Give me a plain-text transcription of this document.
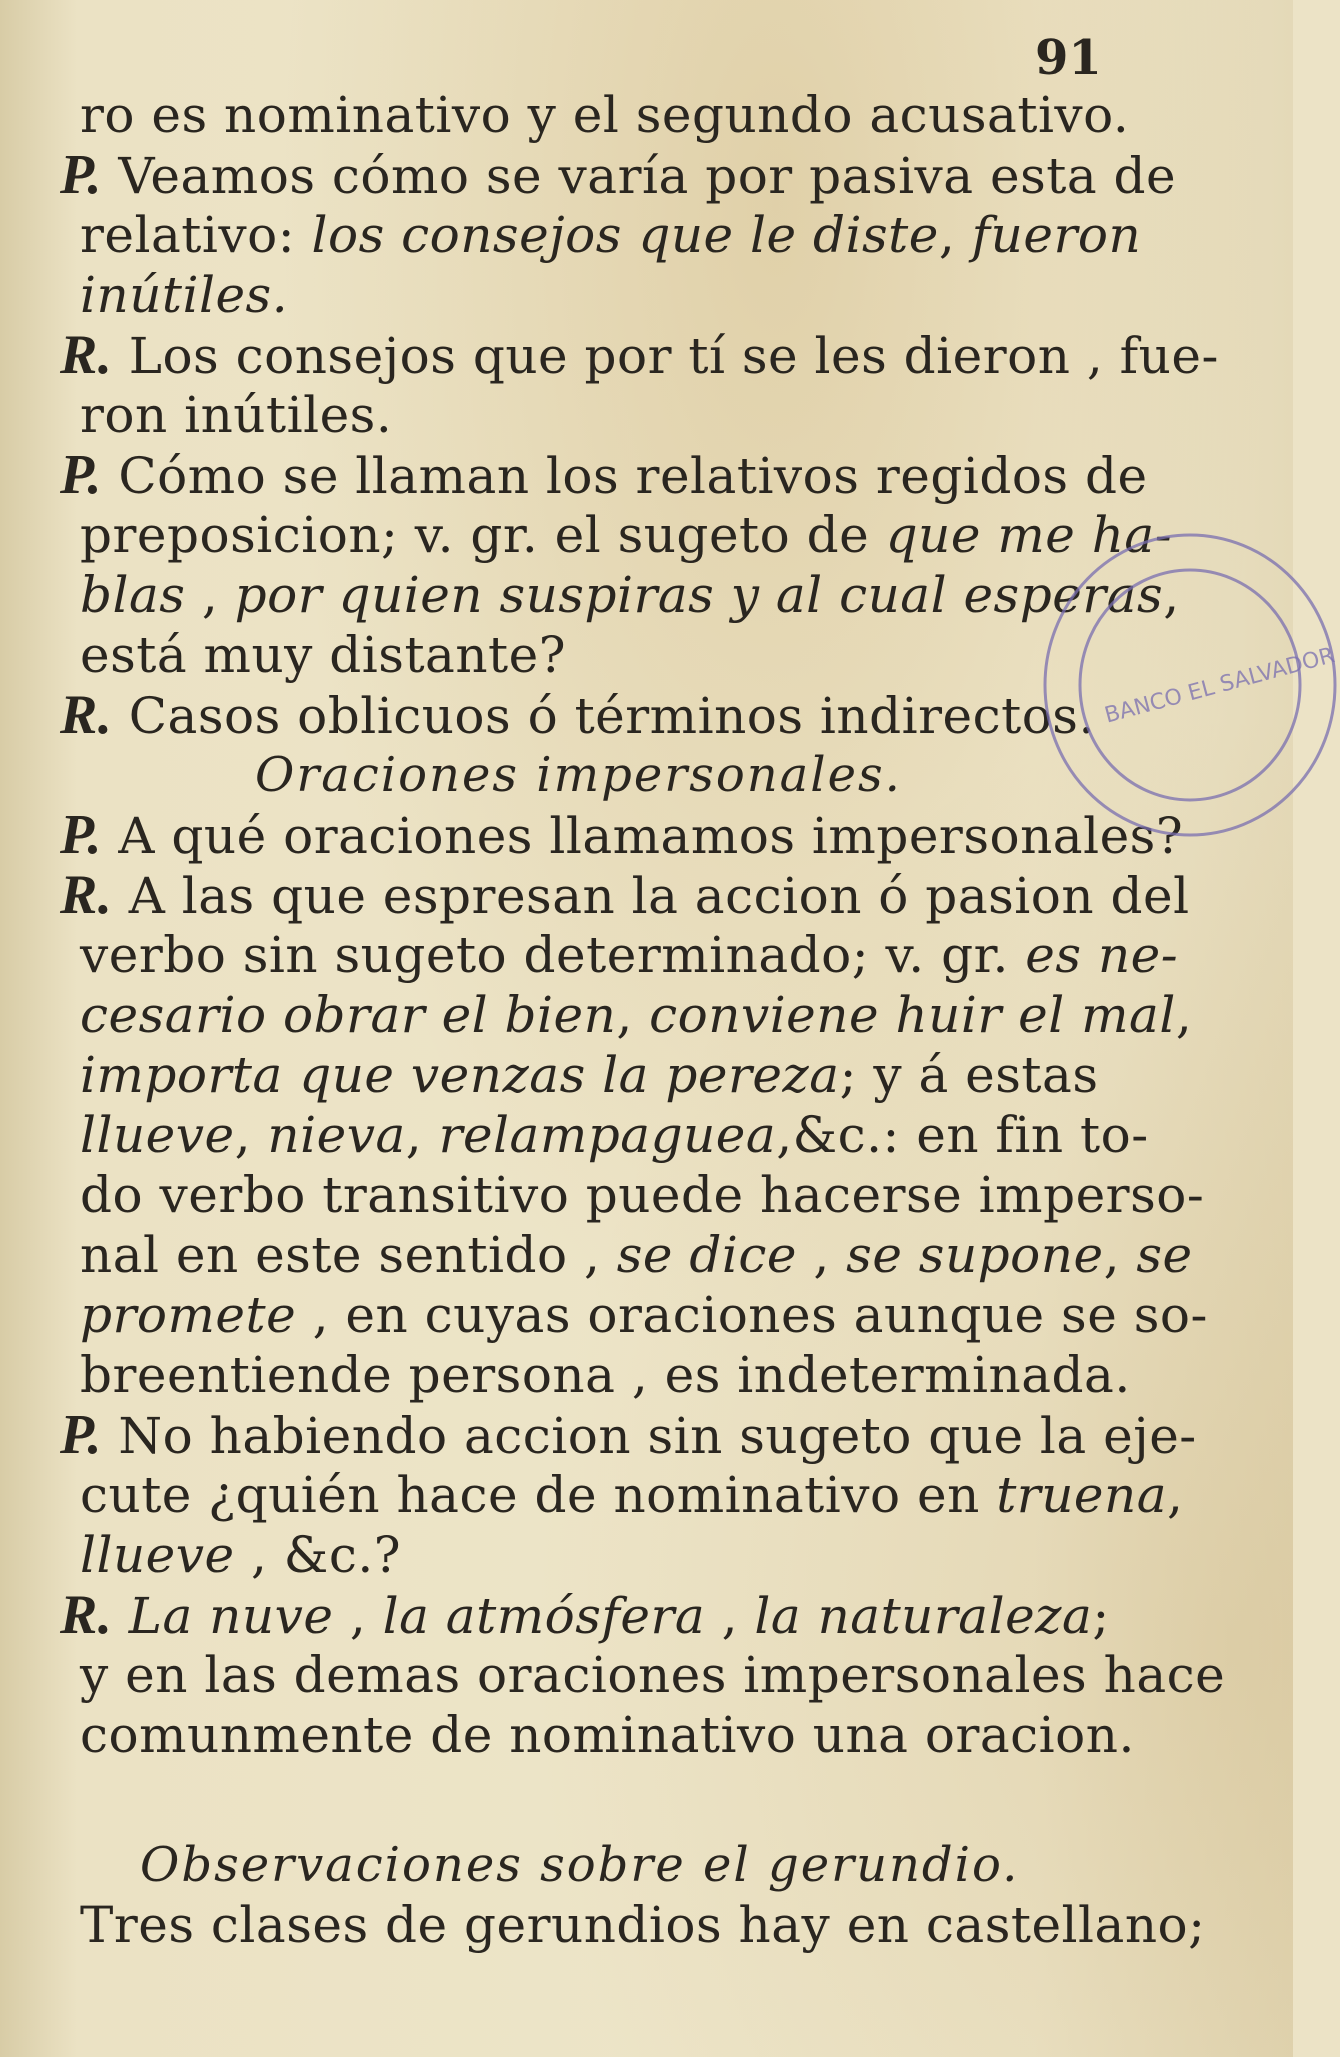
91
ro es nominativo y el segundo acusativo.
P. Veamos cómo se varía por pasiva esta de
relativo: los consejos que le diste, fueron
inútiles.
R. Los consejos que por tí se les dieron , fue-
ron inútiles.
P. Cómo se llaman los relativos regidos de
preposicion; v. gr. el sugeto de que me ha-
blas , por quien suspiras y al cual esperas,
está muy distante?
R. Casos oblicuos ó términos indirectos.
Oraciones impersonales.
P. A qué oraciones llamamos impersonales?
R. A las que espresan la accion ó pasion del
verbo sin sugeto determinado; v. gr. es ne-
cesario obrar el bien, conviene huir el mal,
importa que venzas la pereza; y á estas
llueve, nieva, relampaguea,&c.: en fin to-
do verbo transitivo puede hacerse imperso-
nal en este sentido , se dice , se supone, se
promete , en cuyas oraciones aunque se so-
breentiende persona , es indeterminada.
P. No habiendo accion sin sugeto que la eje-
cute ¿quién hace de nominativo en truena,
llueve , &c.?
R. La nuve , la atmósfera , la naturaleza;
y en las demas oraciones impersonales hace
comunmente de nominativo una oracion.
Observaciones sobre el gerundio.
Tres clases de gerundios hay en castellano;
BANCO EL SALVADOR
